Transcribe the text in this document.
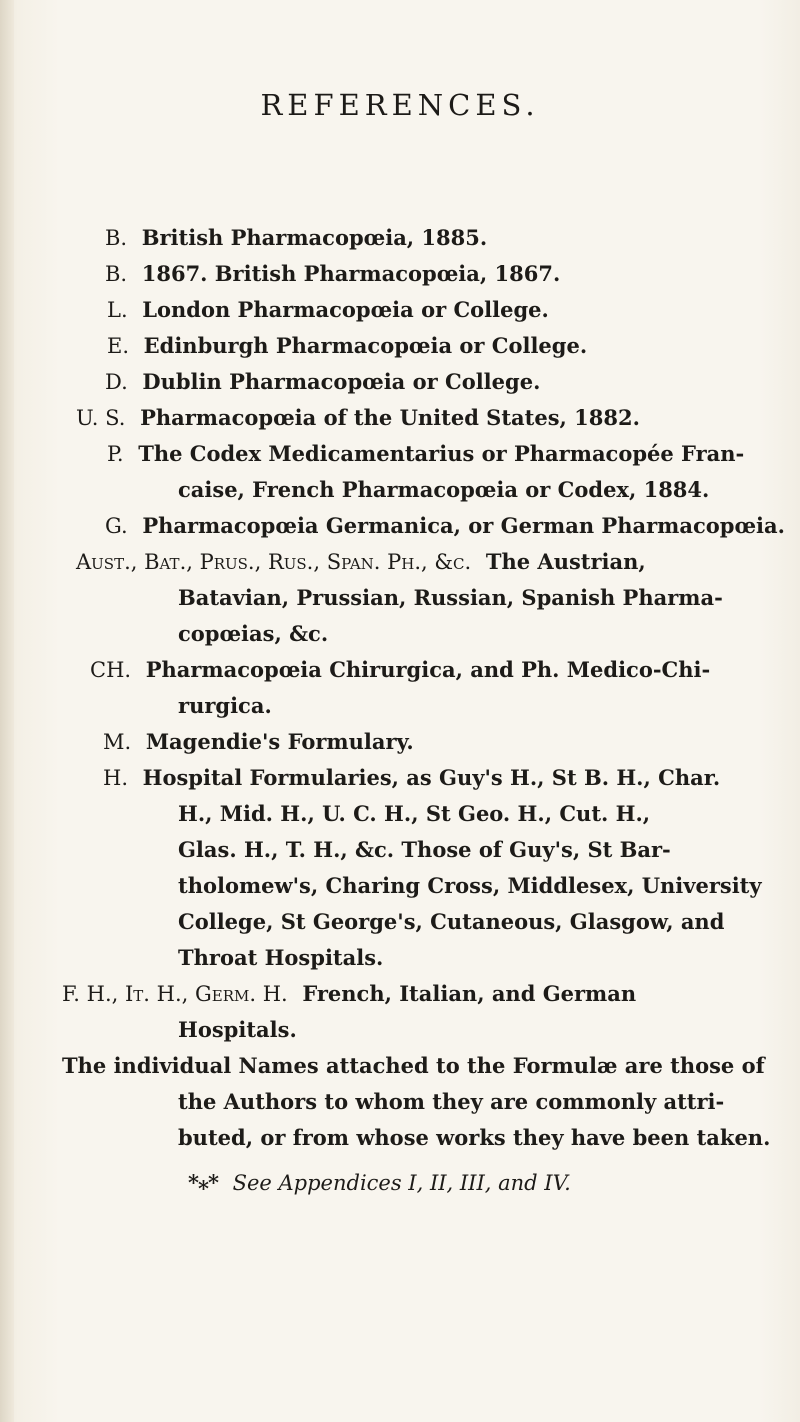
REFERENCES.
B. British Pharmacopœia, 1885.
B. 1867. British Pharmacopœia, 1867.
L. London Pharmacopœia or College.
E. Edinburgh Pharmacopœia or College.
D. Dublin Pharmacopœia or College.
U. S. Pharmacopœia of the United States, 1882.
P. The Codex Medicamentarius or Pharmacopée Fran-
caise, French Pharmacopœia or Codex, 1884.
G. Pharmacopœia Germanica, or German Pharmacopœia.
Aust., Bat., Prus., Rus., Span. Ph., &c. The Austrian,
Batavian, Prussian, Russian, Spanish Pharma-
copœias, &c.
CH. Pharmacopœia Chirurgica, and Ph. Medico-Chi-
rurgica.
M. Magendie's Formulary.
H. Hospital Formularies, as Guy's H., St B. H., Char.
H., Mid. H., U. C. H., St Geo. H., Cut. H.,
Glas. H., T. H., &c. Those of Guy's, St Bar-
tholomew's, Charing Cross, Middlesex, University
College, St George's, Cutaneous, Glasgow, and
Throat Hospitals.
F. H., It. H., Germ. H. French, Italian, and German
Hospitals.
The individual Names attached to the Formulæ are those of
the Authors to whom they are commonly attri-
buted, or from whose works they have been taken.
*⁎* See Appendices I, II, III, and IV.
